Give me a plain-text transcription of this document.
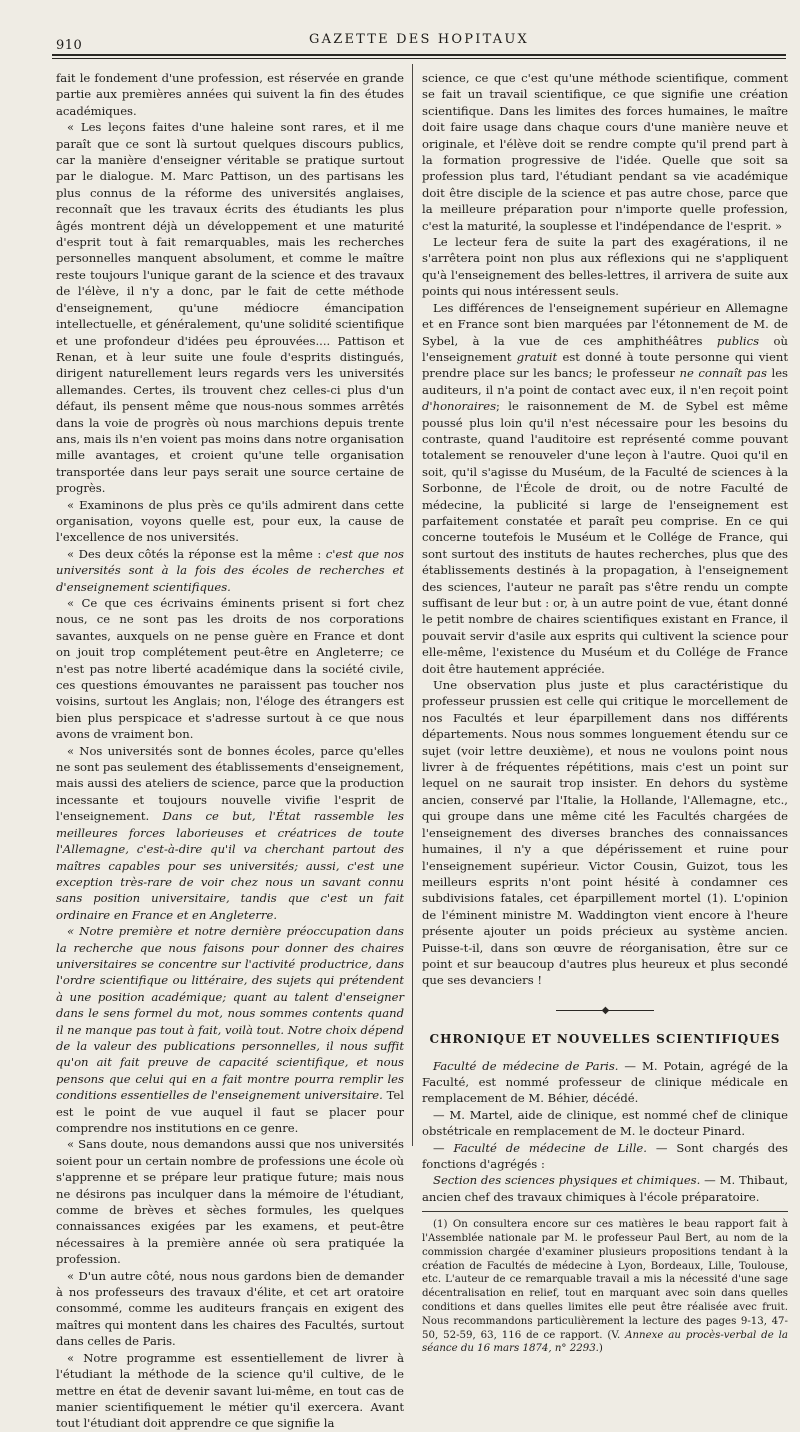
910	GAZETTE DES HOPITAUX

fait le fondement d'une profession, est réservée en grande partie aux premières années qui suivent la fin des études académiques.

« Les leçons faites d'une haleine sont rares, et il me paraît que ce sont là surtout quelques discours publics, car la manière d'enseigner véritable se pratique surtout par le dialogue. M. Marc Pattison, un des partisans les plus connus de la réforme des universités anglaises, reconnaît que les travaux écrits des étudiants les plus âgés montrent déjà un développement et une maturité d'esprit tout à fait remarquables, mais les recherches personnelles manquent absolument, et comme le maître reste toujours l'unique garant de la science et des travaux de l'élève, il n'y a donc, par le fait de cette méthode d'enseignement, qu'une médiocre émancipation intellectuelle, et généralement, qu'une solidité scientifique et une profondeur d'idées peu éprouvées.... Pattison et Renan, et à leur suite une foule d'esprits distingués, dirigent naturellement leurs regards vers les universités allemandes. Certes, ils trouvent chez celles-ci plus d'un défaut, ils pensent même que nous-nous sommes arrêtés dans la voie de progrès où nous marchions depuis trente ans, mais ils n'en voient pas moins dans notre organisation mille avantages, et croient qu'une telle organisation transportée dans leur pays serait une source certaine de progrès.

« Examinons de plus près ce qu'ils admirent dans cette organisation, voyons quelle est, pour eux, la cause de l'excellence de nos universités.

« Des deux côtés la réponse est la même : c'est que nos universités sont à la fois des écoles de recherches et d'enseignement scientifiques.

« Ce que ces écrivains éminents prisent si fort chez nous, ce ne sont pas les droits de nos corporations savantes, auxquels on ne pense guère en France et dont on jouit trop complétement peut-être en Angleterre; ce n'est pas notre liberté académique dans la société civile, ces questions émouvantes ne paraissent pas toucher nos voisins, surtout les Anglais; non, l'éloge des étrangers est bien plus perspicace et s'adresse surtout à ce que nous avons de vraiment bon.

« Nos universités sont de bonnes écoles, parce qu'elles ne sont pas seulement des établissements d'enseignement, mais aussi des ateliers de science, parce que la production incessante et toujours nouvelle vivifie l'esprit de l'enseignement. Dans ce but, l'État rassemble les meilleures forces laborieuses et créatrices de toute l'Allemagne, c'est-à-dire qu'il va cherchant partout des maîtres capables pour ses universités; aussi, c'est une exception très-rare de voir chez nous un savant connu sans position universitaire, tandis que c'est un fait ordinaire en France et en Angleterre.

« Notre première et notre dernière préoccupation dans la recherche que nous faisons pour donner des chaires universitaires se concentre sur l'activité productrice, dans l'ordre scientifique ou littéraire, des sujets qui prétendent à une position académique; quant au talent d'enseigner dans le sens formel du mot, nous sommes contents quand il ne manque pas tout à fait, voilà tout. Notre choix dépend de la valeur des publications personnelles, il nous suffit qu'on ait fait preuve de capacité scientifique, et nous pensons que celui qui en a fait montre pourra remplir les conditions essentielles de l'enseignement universitaire. Tel est le point de vue auquel il faut se placer pour comprendre nos institutions en ce genre.

« Sans doute, nous demandons aussi que nos universités soient pour un certain nombre de professions une école où s'apprenne et se prépare leur pratique future; mais nous ne désirons pas inculquer dans la mémoire de l'étudiant, comme de brèves et sèches formules, les quelques connaissances exigées par les examens, et peut-être nécessaires à la première année où sera pratiquée la profession.

« D'un autre côté, nous nous gardons bien de demander à nos professeurs des travaux d'élite, et cet art oratoire consommé, comme les auditeurs français en exigent des maîtres qui montent dans les chaires des Facultés, surtout dans celles de Paris.

« Notre programme est essentiellement de livrer à l'étudiant la méthode de la science qu'il cultive, de le mettre en état de devenir savant lui-même, en tout cas de manier scientifiquement le métier qu'il exercera. Avant tout l'étudiant doit apprendre ce que signifie la

science, ce que c'est qu'une méthode scientifique, comment se fait un travail scientifique, ce que signifie une création scientifique. Dans les limites des forces humaines, le maître doit faire usage dans chaque cours d'une manière neuve et originale, et l'élève doit se rendre compte qu'il prend part à la formation progressive de l'idée. Quelle que soit sa profession plus tard, l'étudiant pendant sa vie académique doit être disciple de la science et pas autre chose, parce que la meilleure préparation pour n'importe quelle profession, c'est la maturité, la souplesse et l'indépendance de l'esprit. »

Le lecteur fera de suite la part des exagérations, il ne s'arrêtera point non plus aux réflexions qui ne s'appliquent qu'à l'enseignement des belles-lettres, il arrivera de suite aux points qui nous intéressent seuls.

Les différences de l'enseignement supérieur en Allemagne et en France sont bien marquées par l'étonnement de M. de Sybel, à la vue de ces amphithéâtres publics où l'enseignement gratuit est donné à toute personne qui vient prendre place sur les bancs; le professeur ne connaît pas les auditeurs, il n'a point de contact avec eux, il n'en reçoit point d'honoraires; le raisonnement de M. de Sybel est même poussé plus loin qu'il n'est nécessaire pour les besoins du contraste, quand l'auditoire est représenté comme pouvant totalement se renouveler d'une leçon à l'autre. Quoi qu'il en soit, qu'il s'agisse du Muséum, de la Faculté de sciences à la Sorbonne, de l'École de droit, ou de notre Faculté de médecine, la publicité si large de l'enseignement est parfaitement constatée et paraît peu comprise. En ce qui concerne toutefois le Muséum et le Collége de France, qui sont surtout des instituts de hautes recherches, plus que des établissements destinés à la propagation, à l'enseignement des sciences, l'auteur ne paraît pas s'être rendu un compte suffisant de leur but : or, à un autre point de vue, étant donné le petit nombre de chaires scientifiques existant en France, il pouvait servir d'asile aux esprits qui cultivent la science pour elle-même, l'existence du Muséum et du Collége de France doit être hautement appréciée.

Une observation plus juste et plus caractéristique du professeur prussien est celle qui critique le morcellement de nos Facultés et leur éparpillement dans nos différents départements. Nous nous sommes longuement étendu sur ce sujet (voir lettre deuxième), et nous ne voulons point nous livrer à de fréquentes répétitions, mais c'est un point sur lequel on ne saurait trop insister. En dehors du système ancien, conservé par l'Italie, la Hollande, l'Allemagne, etc., qui groupe dans une même cité les Facultés chargées de l'enseignement des diverses branches des connaissances humaines, il n'y a que dépérissement et ruine pour l'enseignement supérieur. Victor Cousin, Guizot, tous les meilleurs esprits n'ont point hésité à condamner ces subdivisions fatales, cet éparpillement mortel (1). L'opinion de l'éminent ministre M. Waddington vient encore à l'heure présente ajouter un poids précieux au système ancien. Puisse-t-il, dans son œuvre de réorganisation, être sur ce point et sur beaucoup d'autres plus heureux et plus secondé que ses devanciers !

◆
CHRONIQUE ET NOUVELLES SCIENTIFIQUES

Faculté de médecine de Paris. — M. Potain, agrégé de la Faculté, est nommé professeur de clinique médicale en remplacement de M. Béhier, décédé.

— M. Martel, aide de clinique, est nommé chef de clinique obstétricale en remplacement de M. le docteur Pinard.

— Faculté de médecine de Lille. — Sont chargés des fonctions d'agrégés :

Section des sciences physiques et chimiques. — M. Thibaut, ancien chef des travaux chimiques à l'école préparatoire.

(1) On consultera encore sur ces matières le beau rapport fait à l'Assemblée nationale par M. le professeur Paul Bert, au nom de la commission chargée d'examiner plusieurs propositions tendant à la création de Facultés de médecine à Lyon, Bordeaux, Lille, Toulouse, etc. L'auteur de ce remarquable travail a mis la nécessité d'une sage décentralisation en relief, tout en marquant avec soin dans quelles conditions et dans quelles limites elle peut être réalisée avec fruit. Nous recommandons particulièrement la lecture des pages 9-13, 47-50, 52-59, 63, 116 de ce rapport. (V. Annexe au procès-verbal de la séance du 16 mars 1874, n° 2293.)
